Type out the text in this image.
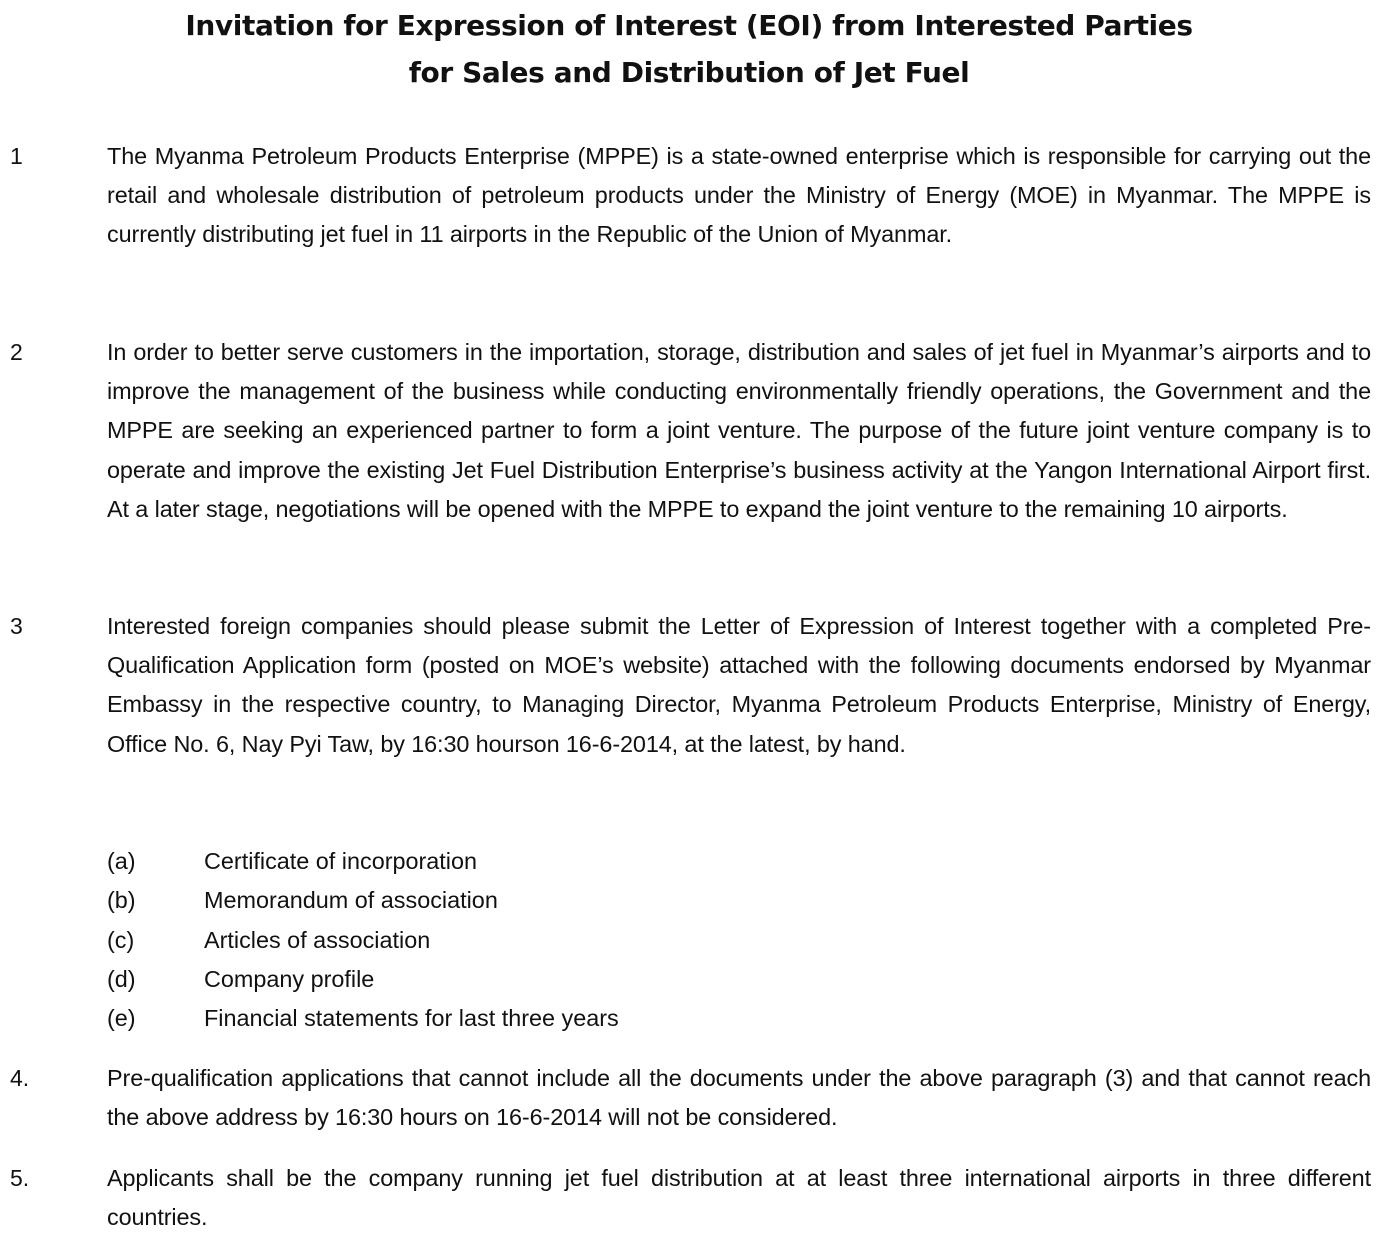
Invitation for Expression of Interest (EOI) from Interested Parties
for Sales and Distribution of Jet Fuel
1	The Myanma Petroleum Products Enterprise (MPPE) is a state-owned enterprise which is responsible for carrying out the retail and wholesale distribution of petroleum products under the Ministry of Energy (MOE) in Myanmar. The MPPE is currently distributing jet fuel in 11 airports in the Republic of the Union of Myanmar.

2	In order to better serve customers in the importation, storage, distribution and sales of jet fuel in Myanmar’s airports and to improve the management of the business while conducting environmentally friendly operations, the Government and the MPPE are seeking an experienced partner to form a joint venture. The purpose of the future joint venture company is to operate and improve the existing Jet Fuel Distribution Enterprise’s business activity at the Yangon International Airport first. At a later stage, negotiations will be opened with the MPPE to expand the joint venture to the remaining 10 airports.

3	Interested foreign companies should please submit the Letter of Expression of Interest together with a completed Pre-Qualification Application form (posted on MOE’s website) attached with the following documents endorsed by Myanmar Embassy in the respective country, to Managing Director, Myanma Petroleum Products Enterprise, Ministry of Energy, Office No. 6, Nay Pyi Taw, by 16:30 hourson 16-6-2014, at the latest, by hand.

(a)	Certificate of incorporation
(b)	Memorandum of association
(c)	Articles of association
(d)	Company profile
(e)	Financial statements for last three years
4.	Pre-qualification applications that cannot include all the documents under the above paragraph (3) and that cannot reach the above address by 16:30 hours on 16-6-2014 will not be considered.

5.	Applicants shall be the company running jet fuel distribution at at least three international airports in three different countries.
